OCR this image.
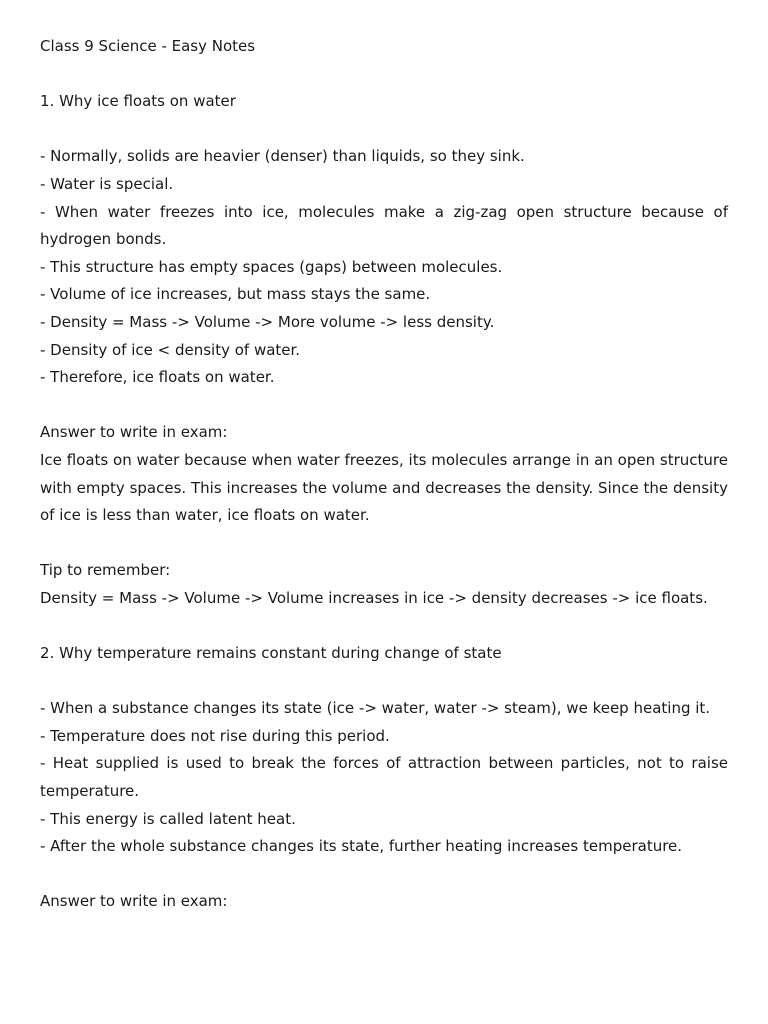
Class 9 Science - Easy Notes

1. Why ice floats on water

- Normally, solids are heavier (denser) than liquids, so they sink.

- Water is special.

- When water freezes into ice, molecules make a zig-zag open structure because of hydrogen bonds.

- This structure has empty spaces (gaps) between molecules.

- Volume of ice increases, but mass stays the same.

- Density = Mass -> Volume -> More volume -> less density.

- Density of ice < density of water.

- Therefore, ice floats on water.

Answer to write in exam:

Ice floats on water because when water freezes, its molecules arrange in an open structure with empty spaces. This increases the volume and decreases the density. Since the density of ice is less than water, ice floats on water.

Tip to remember:

Density = Mass -> Volume -> Volume increases in ice -> density decreases -> ice floats.

2. Why temperature remains constant during change of state

- When a substance changes its state (ice -> water, water -> steam), we keep heating it.

- Temperature does not rise during this period.

- Heat supplied is used to break the forces of attraction between particles, not to raise temperature.

- This energy is called latent heat.

- After the whole substance changes its state, further heating increases temperature.

Answer to write in exam:
